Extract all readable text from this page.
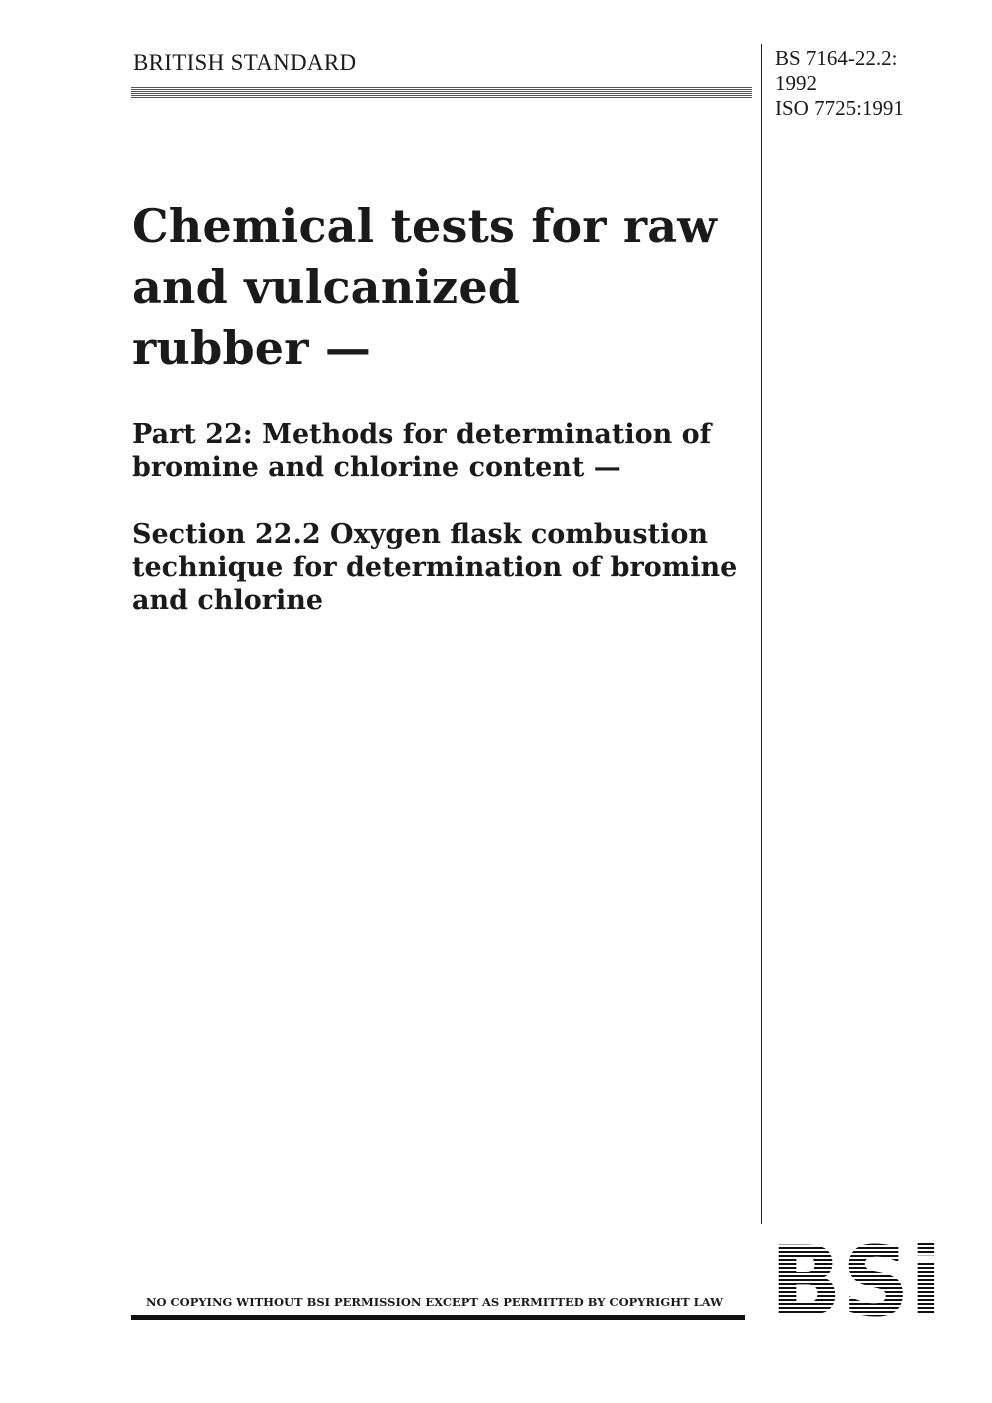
BRITISH STANDARD	BS 7164-22.2:
1992
ISO 7725:1991
Chemical tests for raw
and vulcanized
rubber —
Part 22: Methods for determination of
bromine and chlorine content —
Section 22.2 Oxygen flask combustion
technique for determination of bromine
and chlorine
NO COPYING WITHOUT BSI PERMISSION EXCEPT AS PERMITTED BY COPYRIGHT LAW
